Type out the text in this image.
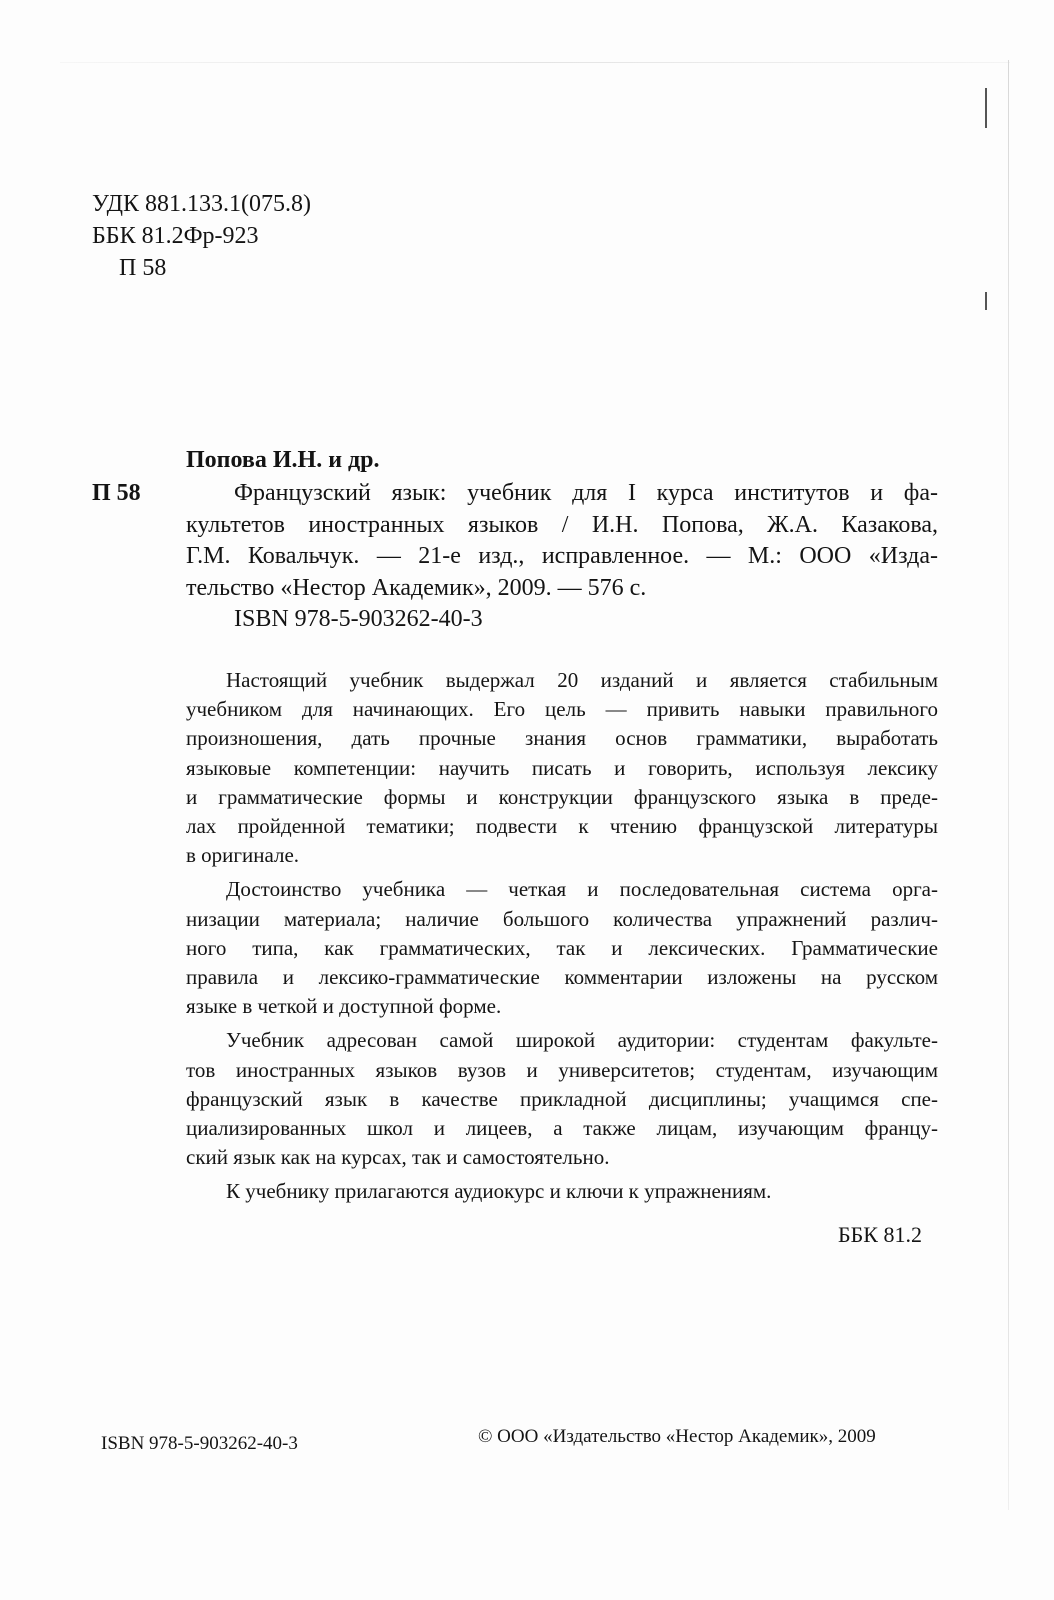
УДК 881.133.1(075.8)
ББК 81.2Фр-923
П 58
Попова И.Н. и др.
П 58	Французский язык: учебник для I курса институтов и фа-
культетов иностранных языков / И.Н. Попова, Ж.А. Казакова,
Г.М. Ковальчук. — 21-е изд., исправленное. — М.: ООО «Изда-
тельство «Нестор Академик», 2009. — 576 с.
ISBN 978-5-903262-40-3
Настоящий учебник выдержал 20 изданий и является стабильным
учебником для начинающих. Его цель — привить навыки правильного
произношения, дать прочные знания основ грамматики, выработать
языковые компетенции: научить писать и говорить, используя лексику
и грамматические формы и конструкции французского языка в преде-
лах пройденной тематики; подвести к чтению французской литературы
в оригинале.
Достоинство учебника — четкая и последовательная система орга-
низации материала; наличие большого количества упражнений различ-
ного типа, как грамматических, так и лексических. Грамматические
правила и лексико-грамматические комментарии изложены на русском
языке в четкой и доступной форме.
Учебник адресован самой широкой аудитории: студентам факульте-
тов иностранных языков вузов и университетов; студентам, изучающим
французский язык в качестве прикладной дисциплины; учащимся спе-
циализированных школ и лицеев, а также лицам, изучающим францу-
ский язык как на курсах, так и самостоятельно.
К учебнику прилагаются аудиокурс и ключи к упражнениям.
ББК 81.2
ISBN 978-5-903262-40-3	© ООО «Издательство «Нестор Академик», 2009
